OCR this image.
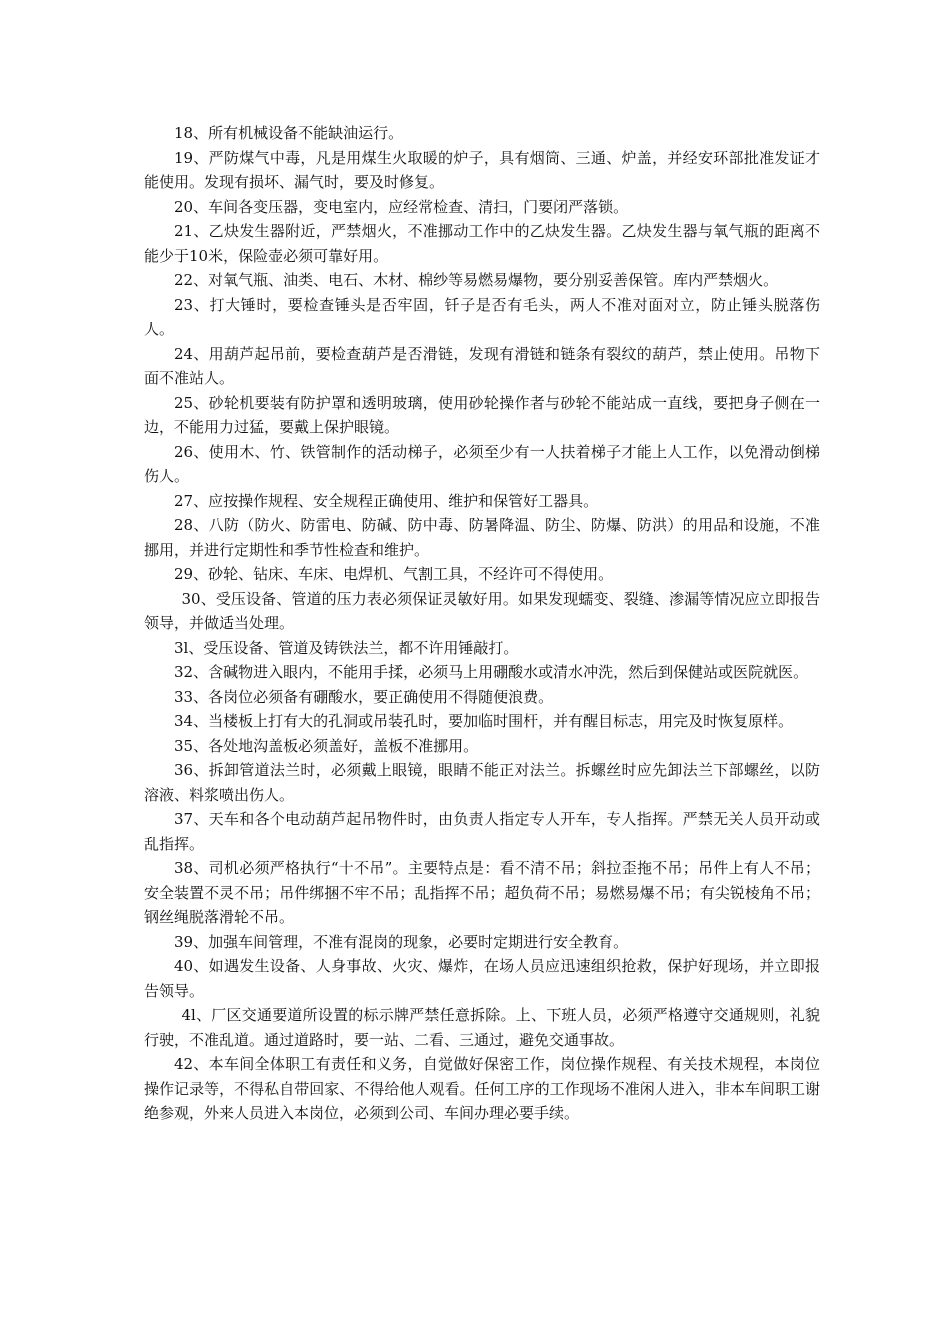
18、所有机械设备不能缺油运行。

19、严防煤气中毒，凡是用煤生火取暖的炉子，具有烟筒、三通、炉盖，并经安环部批准发证才能使用。发现有损坏、漏气时，要及时修复。

20、车间各变压器，变电室内，应经常检查、清扫，门要闭严落锁。

21、乙炔发生器附近，严禁烟火，不准挪动工作中的乙炔发生器。乙炔发生器与氧气瓶的距离不能少于10米，保险壶必须可靠好用。

22、对氧气瓶、油类、电石、木材、棉纱等易燃易爆物，要分别妥善保管。库内严禁烟火。

23、打大锤时，要检查锤头是否牢固，钎子是否有毛头，两人不准对面对立，防止锤头脱落伤人。

24、用葫芦起吊前，要检查葫芦是否滑链，发现有滑链和链条有裂纹的葫芦，禁止使用。吊物下面不准站人。

25、砂轮机要装有防护罩和透明玻璃，使用砂轮操作者与砂轮不能站成一直线，要把身子侧在一边，不能用力过猛，要戴上保护眼镜。

26、使用木、竹、铁管制作的活动梯子，必须至少有一人扶着梯子才能上人工作，以免滑动倒梯伤人。

27、应按操作规程、安全规程正确使用、维护和保管好工器具。

28、八防（防火、防雷电、防碱、防中毒、防暑降温、防尘、防爆、防洪）的用品和设施，不准挪用，并进行定期性和季节性检查和维护。

29、砂轮、钻床、车床、电焊机、气割工具，不经许可不得使用。

30、受压设备、管道的压力表必须保证灵敏好用。如果发现蠕变、裂缝、渗漏等情况应立即报告领导，并做适当处理。

3l、受压设备、管道及铸铁法兰，都不许用锤敲打。

32、含碱物进入眼内，不能用手揉，必须马上用硼酸水或清水冲洗，然后到保健站或医院就医。

33、各岗位必须备有硼酸水，要正确使用不得随便浪费。

34、当楼板上打有大的孔洞或吊装孔时，要加临时围杆，并有醒目标志，用完及时恢复原样。

35、各处地沟盖板必须盖好，盖板不准挪用。

36、拆卸管道法兰时，必须戴上眼镜，眼睛不能正对法兰。拆螺丝时应先卸法兰下部螺丝，以防溶液、料浆喷出伤人。

37、天车和各个电动葫芦起吊物件时，由负责人指定专人开车，专人指挥。严禁无关人员开动或乱指挥。

38、司机必须严格执行“十不吊”。主要特点是：看不清不吊；斜拉歪拖不吊；吊件上有人不吊；安全装置不灵不吊；吊件绑捆不牢不吊；乱指挥不吊；超负荷不吊；易燃易爆不吊；有尖锐棱角不吊；钢丝绳脱落滑轮不吊。

39、加强车间管理，不准有混岗的现象，必要时定期进行安全教育。

40、如遇发生设备、人身事故、火灾、爆炸，在场人员应迅速组织抢救，保护好现场，并立即报告领导。

4l、厂区交通要道所设置的标示牌严禁任意拆除。上、下班人员，必须严格遵守交通规则，礼貌行驶，不准乱道。通过道路时，要一站、二看、三通过，避免交通事故。

42、本车间全体职工有责任和义务，自觉做好保密工作，岗位操作规程、有关技术规程，本岗位操作记录等，不得私自带回家、不得给他人观看。任何工序的工作现场不准闲人进入，非本车间职工谢绝参观，外来人员进入本岗位，必须到公司、车间办理必要手续。
